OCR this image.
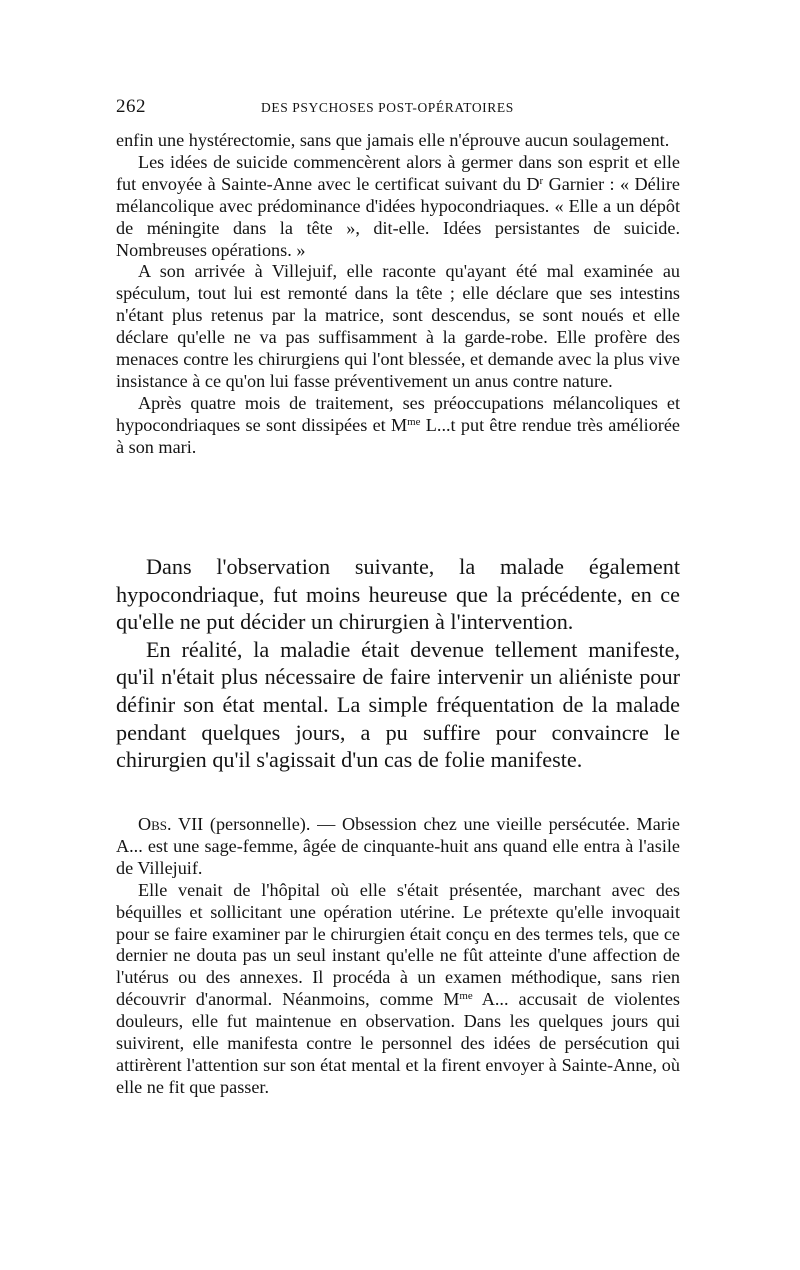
262	DES PSYCHOSES POST-OPÉRATOIRES

enfin une hystérectomie, sans que jamais elle n'éprouve aucun soulagement.

Les idées de suicide commencèrent alors à germer dans son esprit et elle fut envoyée à Sainte-Anne avec le certificat suivant du $D^r$ Garnier : « Délire mélancolique avec prédominance d'idées hypocondriaques. « Elle a un dépôt de méningite dans la tête », dit-elle. Idées persistantes de suicide. Nombreuses opérations. »

A son arrivée à Villejuif, elle raconte qu'ayant été mal examinée au spéculum, tout lui est remonté dans la tête ; elle déclare que ses intestins n'étant plus retenus par la matrice, sont descendus, se sont noués et elle déclare qu'elle ne va pas suffisamment à la garde-robe. Elle profère des menaces contre les chirurgiens qui l'ont blessée, et demande avec la plus vive insistance à ce qu'on lui fasse préventivement un anus contre nature.

Après quatre mois de traitement, ses préoccupations mélancoliques et hypocondriaques se sont dissipées et $M^{me}$ L...t put être rendue très améliorée à son mari.

Dans l'observation suivante, la malade également hypocondriaque, fut moins heureuse que la précédente, en ce qu'elle ne put décider un chirurgien à l'intervention.

En réalité, la maladie était devenue tellement manifeste, qu'il n'était plus nécessaire de faire intervenir un aliéniste pour définir son état mental. La simple fréquentation de la malade pendant quelques jours, a pu suffire pour convaincre le chirurgien qu'il s'agissait d'un cas de folie manifeste.

Obs. VII (personnelle). — Obsession chez une vieille persécutée. Marie A... est une sage-femme, âgée de cinquante-huit ans quand elle entra à l'asile de Villejuif.

Elle venait de l'hôpital où elle s'était présentée, marchant avec des béquilles et sollicitant une opération utérine. Le prétexte qu'elle invoquait pour se faire examiner par le chirurgien était conçu en des termes tels, que ce dernier ne douta pas un seul instant qu'elle ne fût atteinte d'une affection de l'utérus ou des annexes. Il procéda à un examen méthodique, sans rien découvrir d'anormal. Néanmoins, comme $M^{me}$ A... accusait de violentes douleurs, elle fut maintenue en observation. Dans les quelques jours qui suivirent, elle manifesta contre le personnel des idées de persécution qui attirèrent l'attention sur son état mental et la firent envoyer à Sainte-Anne, où elle ne fit que passer.
